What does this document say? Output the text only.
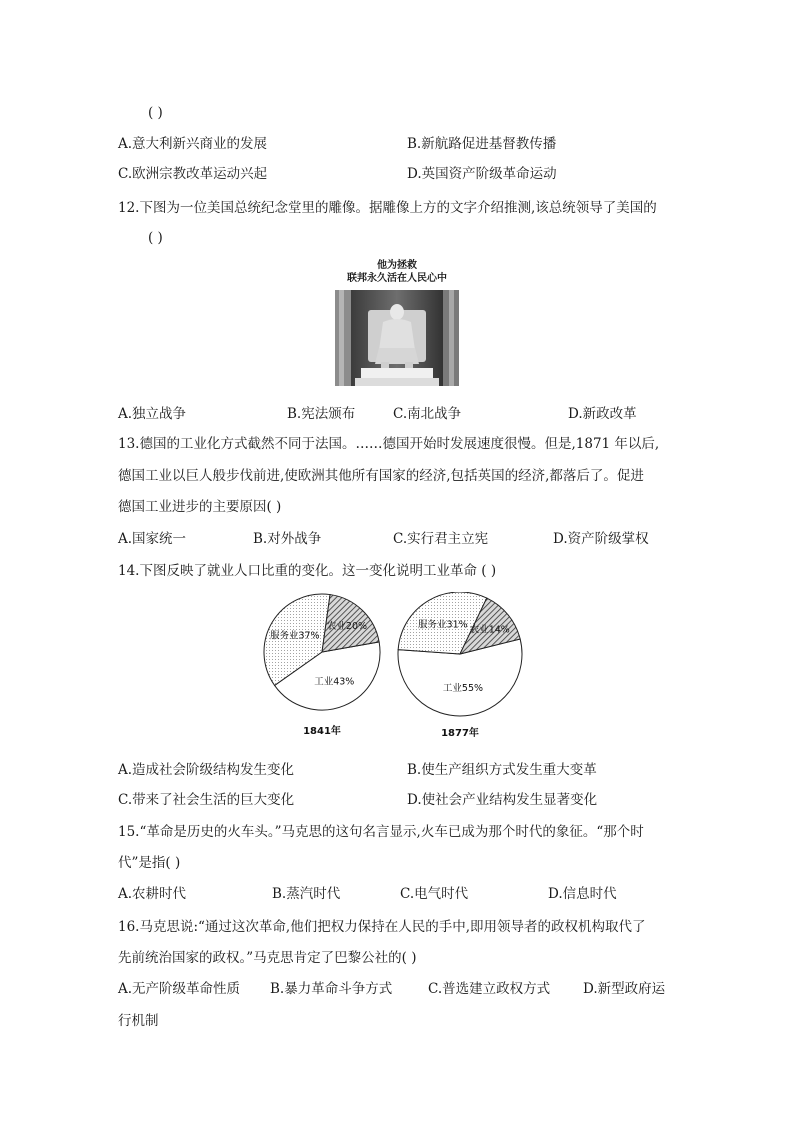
( )
A.意大利新兴商业的发展	B.新航路促进基督教传播
C.欧洲宗教改革运动兴起	D.英国资产阶级革命运动
12.下图为一位美国总统纪念堂里的雕像。据雕像上方的文字介绍推测,该总统领导了美国的
( )
他为拯救
联邦永久活在人民心中
A.独立战争	B.宪法颁布	C.南北战争	D.新政改革
13.德国的工业化方式截然不同于法国。……德国开始时发展速度很慢。但是,1871 年以后,
德国工业以巨人般步伐前进,使欧洲其他所有国家的经济,包括英国的经济,都落后了。促进
德国工业进步的主要原因( )
A.国家统一	B.对外战争	C.实行君主立宪	D.资产阶级掌权
14.下图反映了就业人口比重的变化。这一变化说明工业革命 ( )
工业43%
服务业37%
农业20%
1841年
工业55%
服务业31% 农业14%
1877年
A.造成社会阶级结构发生变化	B.使生产组织方式发生重大变革
C.带来了社会生活的巨大变化	D.使社会产业结构发生显著变化
15.“革命是历史的火车头。”马克思的这句名言显示,火车已成为那个时代的象征。“那个时
代”是指( )
A.农耕时代	B.蒸汽时代	C.电气时代	D.信息时代
16.马克思说:“通过这次革命,他们把权力保持在人民的手中,即用领导者的政权机构取代了
先前统治国家的政权。”马克思肯定了巴黎公社的( )
A.无产阶级革命性质 B.暴力革命斗争方式	C.普选建立政权方式 D.新型政府运
行机制
